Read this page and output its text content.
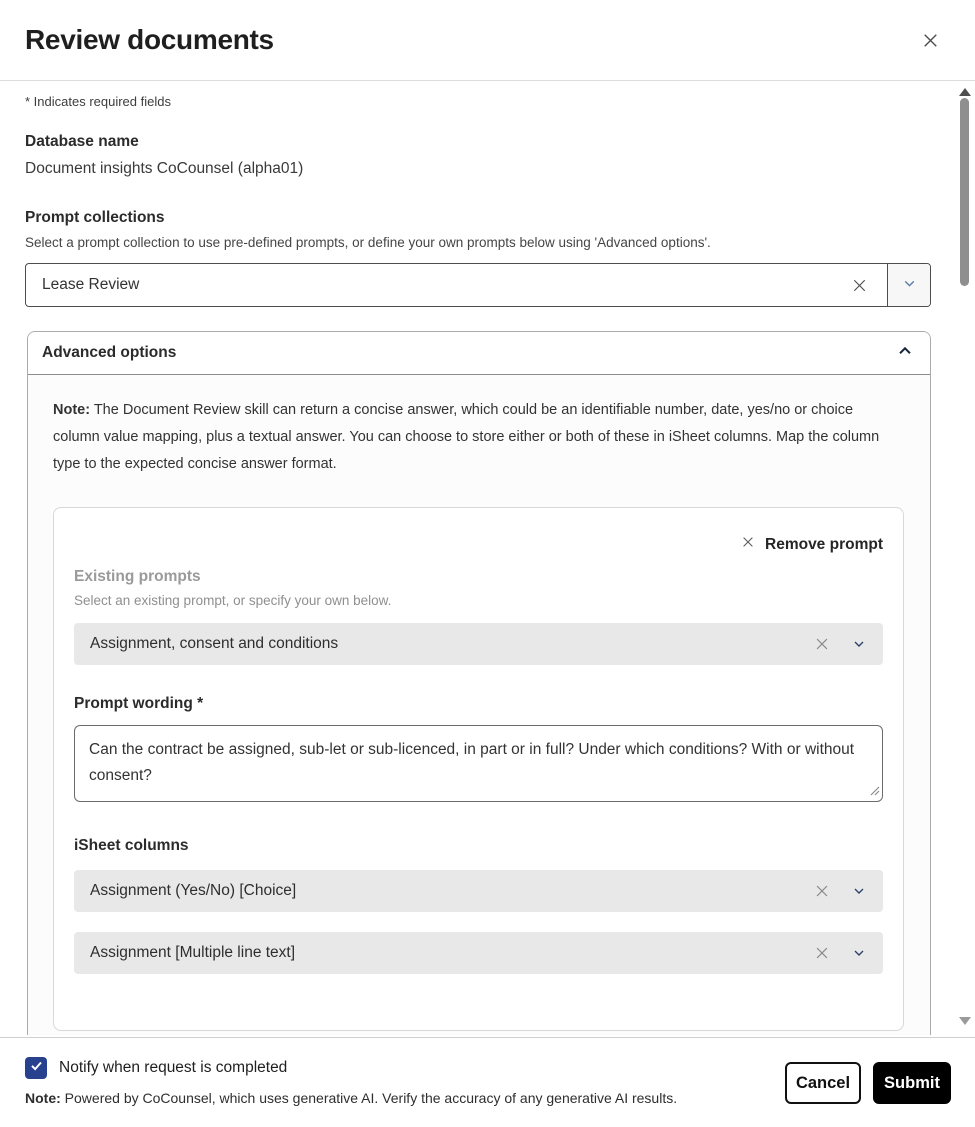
Review documents
* Indicates required fields
Database name
Document insights CoCounsel (alpha01)
Prompt collections
Select a prompt collection to use pre-defined prompts, or define your own prompts below using 'Advanced options'.
Lease Review
Advanced options

Note: The Document Review skill can return a concise answer, which could be an identifiable number, date, yes/no or choice column value mapping, plus a textual answer. You can choose to store either or both of these in iSheet columns. Map the column type to the expected concise answer format.

Remove prompt
Existing prompts
Select an existing prompt, or specify your own below.
Assignment, consent and conditions
Prompt wording *
Can the contract be assigned, sub-let or sub-licenced, in part or in full? Under which conditions? With or without consent?
iSheet columns
Assignment (Yes/No) [Choice]
Assignment [Multiple line text]
Notify when request is completed
Note: Powered by CoCounsel, which uses generative AI. Verify the accuracy of any generative AI results.
Cancel	Submit
